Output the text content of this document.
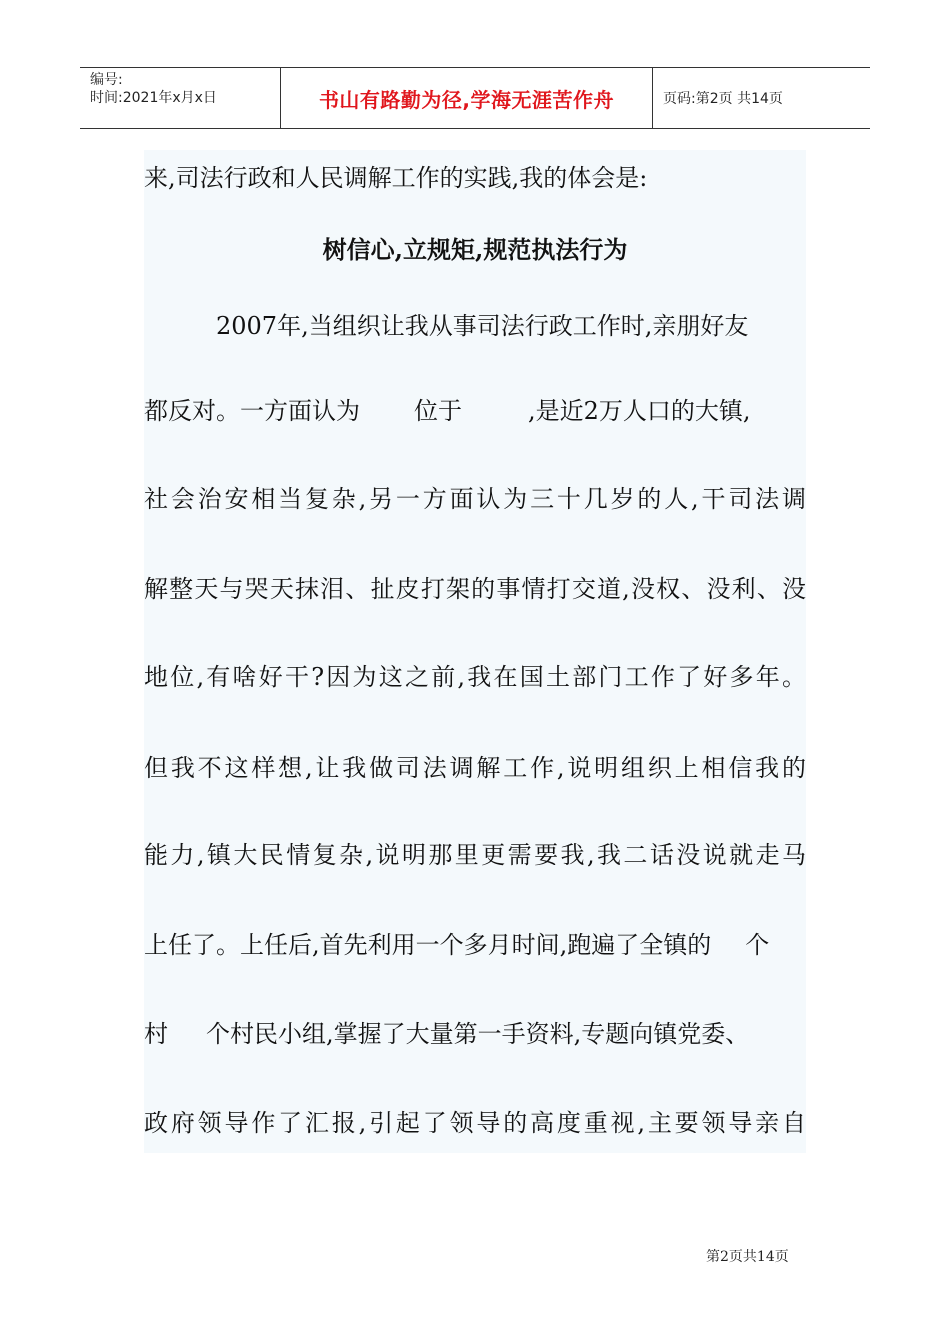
编号:
时间:2021年x月x日	书山有路勤为径,学海无涯苦作舟	页码:第2页 共14页
来,司法行政和人民调解工作的实践,我的体会是:
树信心,立规矩,规范执法行为
2007年,当组织让我从事司法行政工作时,亲朋好友
都反对。一方面认为 位于	,是近2万人口的大镇,
社会治安相当复杂,另一方面认为三十几岁的人,干司法调
解整天与哭天抹泪、扯皮打架的事情打交道,没权、没利、没
地位,有啥好干?因为这之前,我在国土部门工作了好多年。
但我不这样想,让我做司法调解工作,说明组织上相信我的
能力,镇大民情复杂,说明那里更需要我,我二话没说就走马
上任了。上任后,首先利用一个多月时间,跑遍了全镇的 个
村 个村民小组,掌握了大量第一手资料,专题向镇党委、
政府领导作了汇报,引起了领导的高度重视,主要领导亲自
第2页共14页
